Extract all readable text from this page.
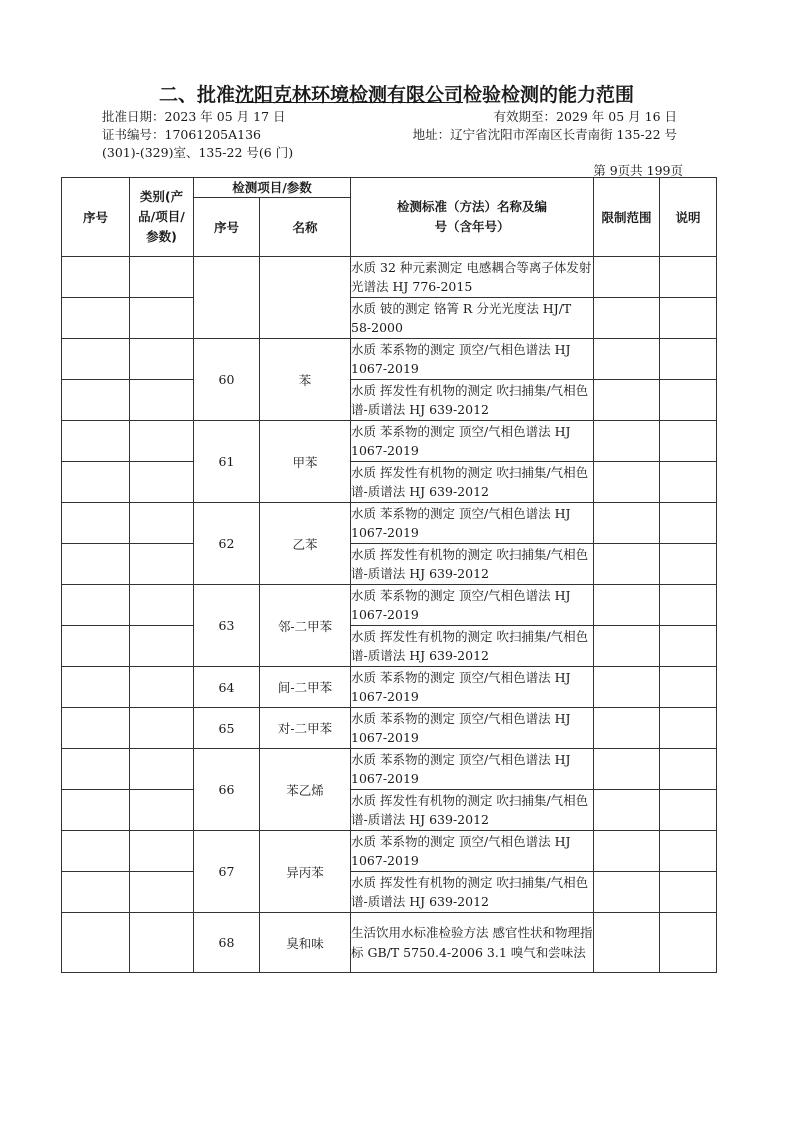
二、批准沈阳克林环境检测有限公司检验检测的能力范围
批准日期：2023 年 05 月 17 日	有效期至：2029 年 05 月 16 日
证书编号：17061205A136	地址：辽宁省沈阳市浑南区长青南街 135-22 号
(301)-(329)室、135-22 号(6 门)
第 9页共 199页
序号	类别(产品/项目/参数)	检测项目/参数		检测标准（方法）名称及编号（含年号）	限制范围	说明
		序号	名称			
				水质 32 种元素测定 电感耦合等离子体发射光谱法 HJ 776-2015		
				水质 铍的测定 铬箐 R 分光光度法 HJ/T 58-2000		
		60	苯	水质 苯系物的测定 顶空/气相色谱法 HJ 1067-2019		
				水质 挥发性有机物的测定 吹扫捕集/气相色谱-质谱法 HJ 639-2012		
		61	甲苯	水质 苯系物的测定 顶空/气相色谱法 HJ 1067-2019		
				水质 挥发性有机物的测定 吹扫捕集/气相色谱-质谱法 HJ 639-2012		
		62	乙苯	水质 苯系物的测定 顶空/气相色谱法 HJ 1067-2019		
				水质 挥发性有机物的测定 吹扫捕集/气相色谱-质谱法 HJ 639-2012		
		63	邻-二甲苯	水质 苯系物的测定 顶空/气相色谱法 HJ 1067-2019		
				水质 挥发性有机物的测定 吹扫捕集/气相色谱-质谱法 HJ 639-2012		
		64	间-二甲苯	水质 苯系物的测定 顶空/气相色谱法 HJ 1067-2019		
		65	对-二甲苯	水质 苯系物的测定 顶空/气相色谱法 HJ 1067-2019		
		66	苯乙烯	水质 苯系物的测定 顶空/气相色谱法 HJ 1067-2019		
				水质 挥发性有机物的测定 吹扫捕集/气相色谱-质谱法 HJ 639-2012		
		67	异丙苯	水质 苯系物的测定 顶空/气相色谱法 HJ 1067-2019		
				水质 挥发性有机物的测定 吹扫捕集/气相色谱-质谱法 HJ 639-2012		
		68	臭和味	生活饮用水标准检验方法 感官性状和物理指标 GB/T 5750.4-2006 3.1 嗅气和尝味法		
